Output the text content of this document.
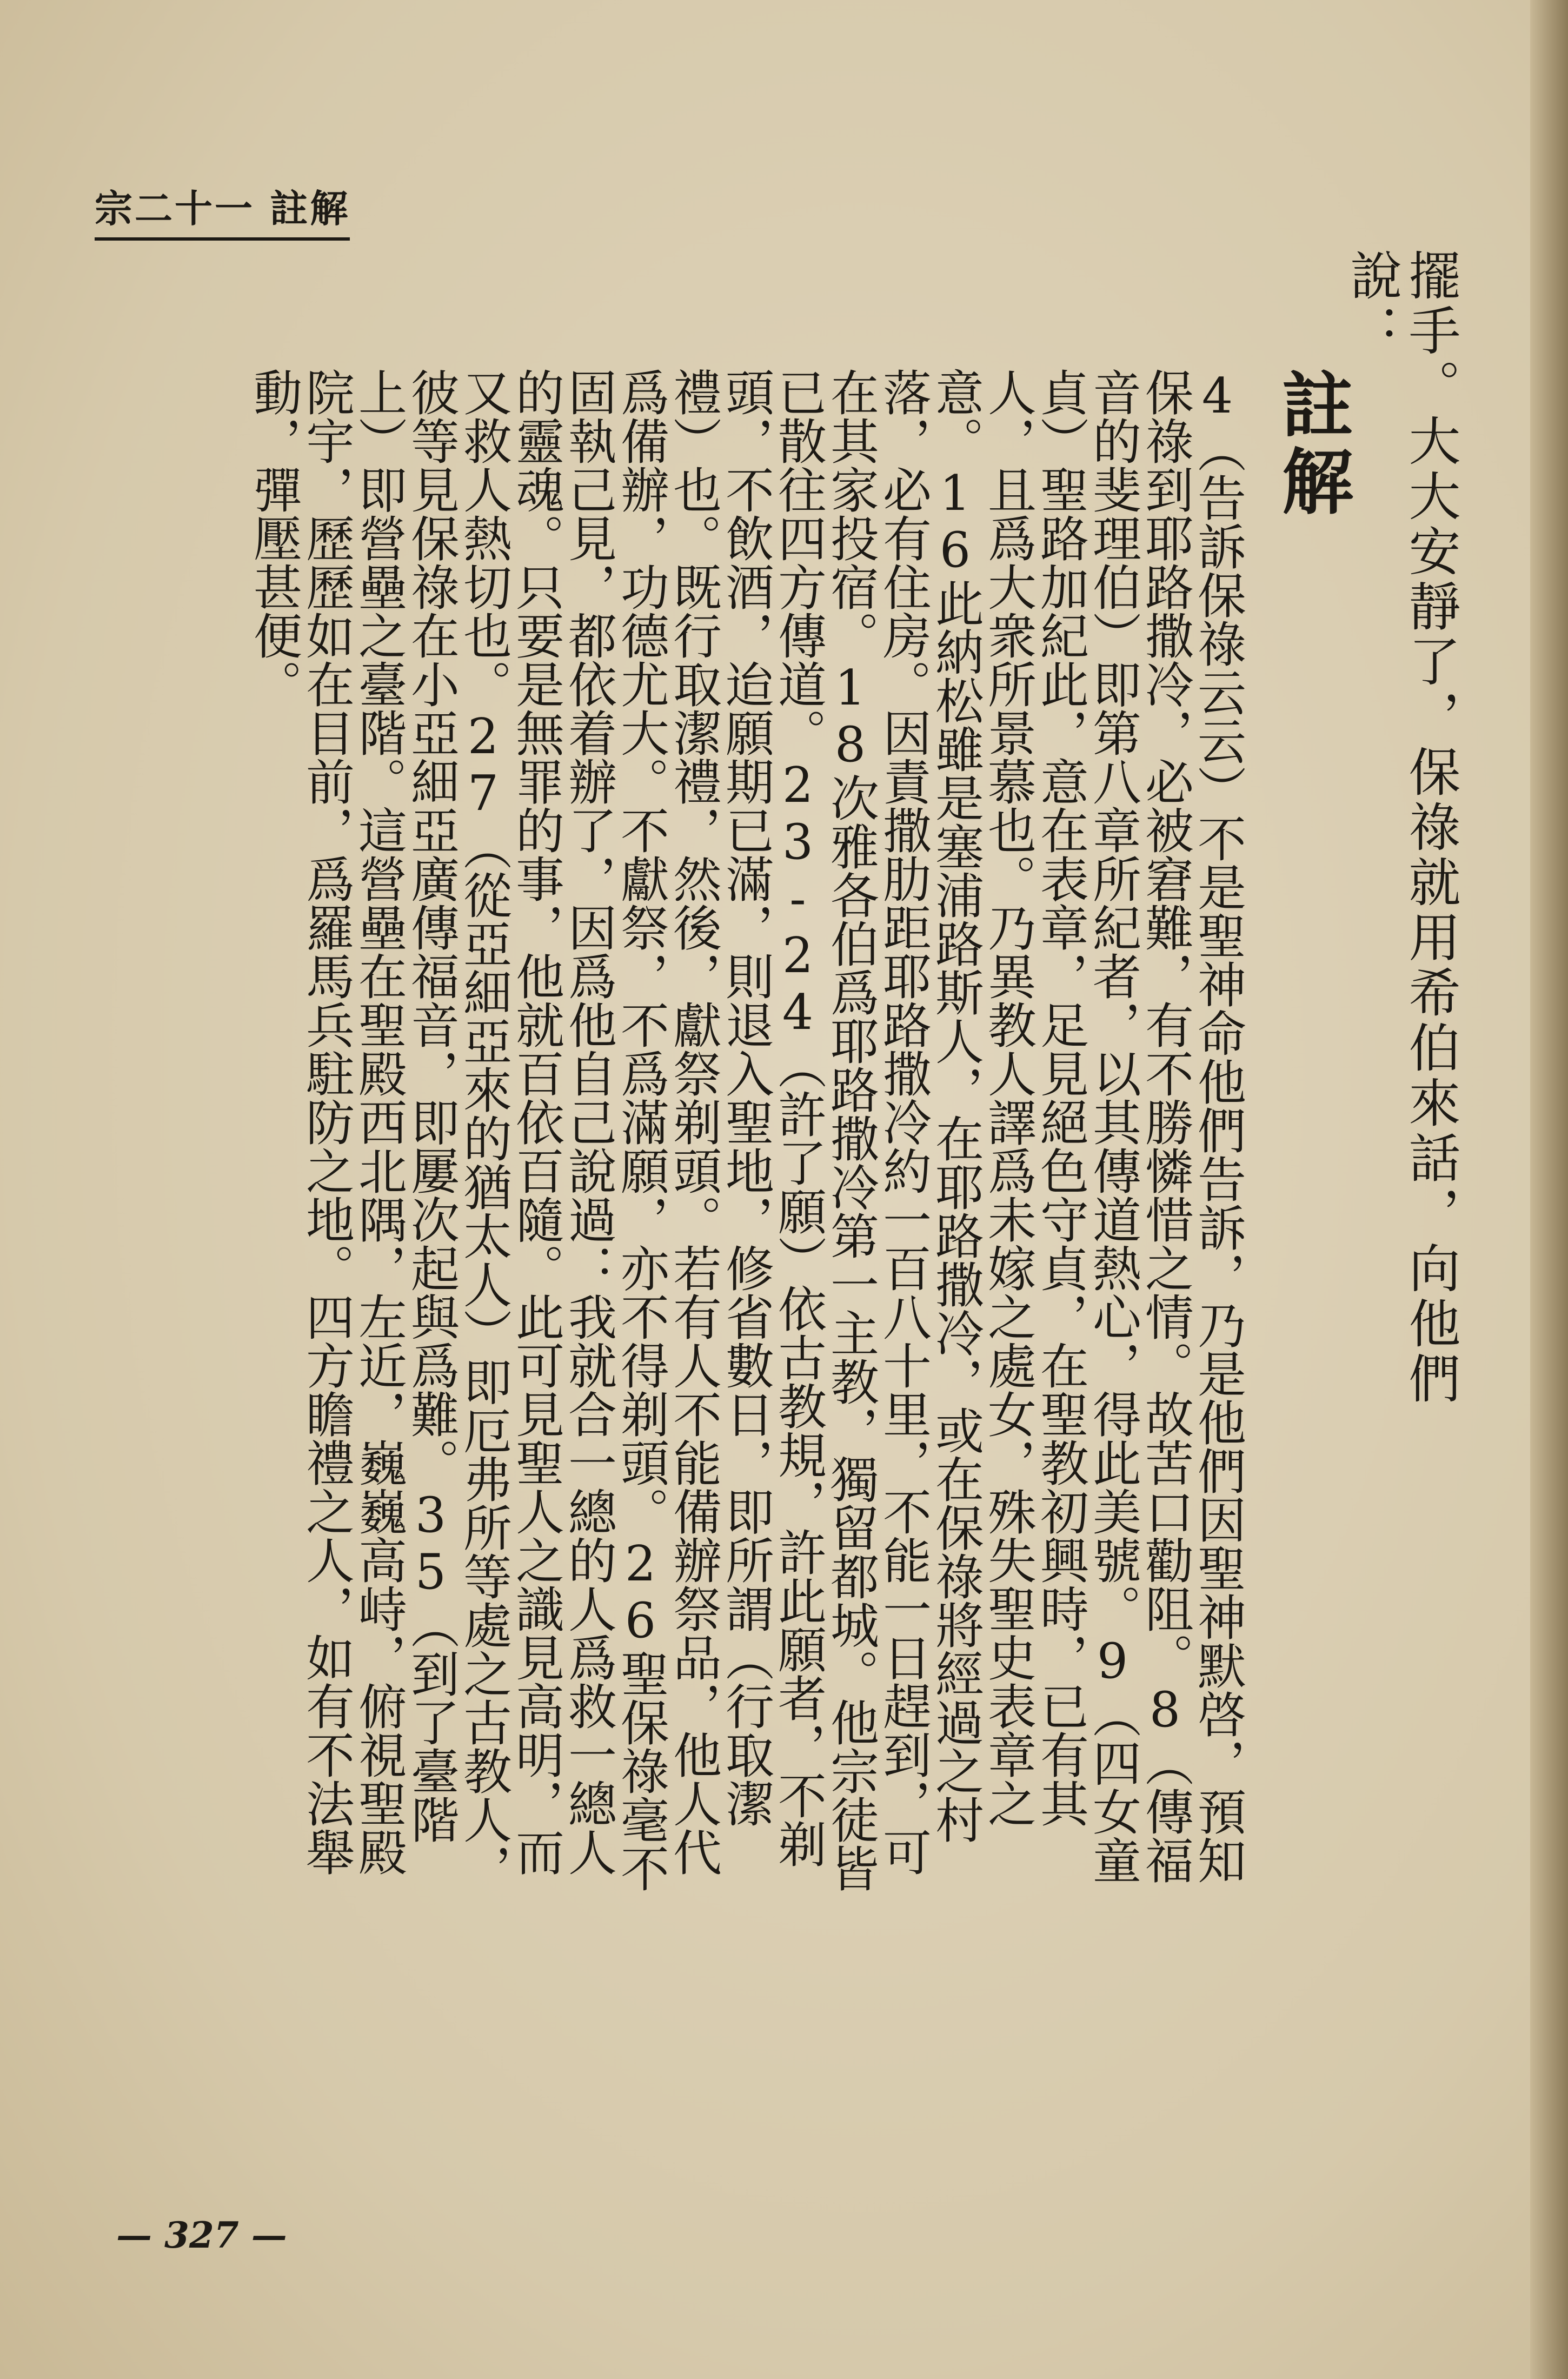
宗二十一 註解
擺手。大大安靜了，保祿就用希伯來話，向他們說：
註解
4（告訴保祿云云）不是聖神命他們告訴，乃是他們因聖神默啓，預知保祿到耶路撒冷，必被窘難，有不勝憐惜之情。故苦口勸阻。8（傳福音的斐理伯）即第八章所紀者，以其傳道熱心，得此美號。9（四女童貞）聖路加紀此，意在表章，足見絕色守貞，在聖教初興時，已有其人，且爲大衆所景慕也。乃異教人譯爲未嫁之處女，殊失聖史表章之意。16此納松雖是塞浦路斯人，在耶路撒冷，或在保祿將經過之村落，必有住房。因責撒肋距耶路撒冷約一百八十里，不能一日趕到，可在其家投宿。18次雅各伯爲耶路撒冷第一主教，獨留都城。他宗徒皆已散往四方傳道。23‑24（許了願）依古教規，許此願者，不剃頭，不飲酒，迨願期已滿，則退入聖地，修省數日，即所謂（行取潔禮）也。既行取潔禮，然後，獻祭剃頭。若有人不能備辦祭品，他人代爲備辦，功德尤大。不獻祭，不爲滿願，亦不得剃頭。26聖保祿毫不固執己見，都依着辦了，因爲他自己說過：我就合一總的人爲救一總人的靈魂。只要是無罪的事，他就百依百隨。此可見聖人之識見高明，而又救人熱切也。27（從亞細亞來的猶太人）即厄弗所等處之古教人，彼等見保祿在小亞細亞廣傳福音，即屢次起與爲難。35（到了臺階上）即營壘之臺階。這營壘在聖殿西北隅，左近，巍巍高峙，俯視聖殿院宇，歷歷如在目前，爲羅馬兵駐防之地。四方瞻禮之人，如有不法舉動，彈壓甚便。
— 327 —
